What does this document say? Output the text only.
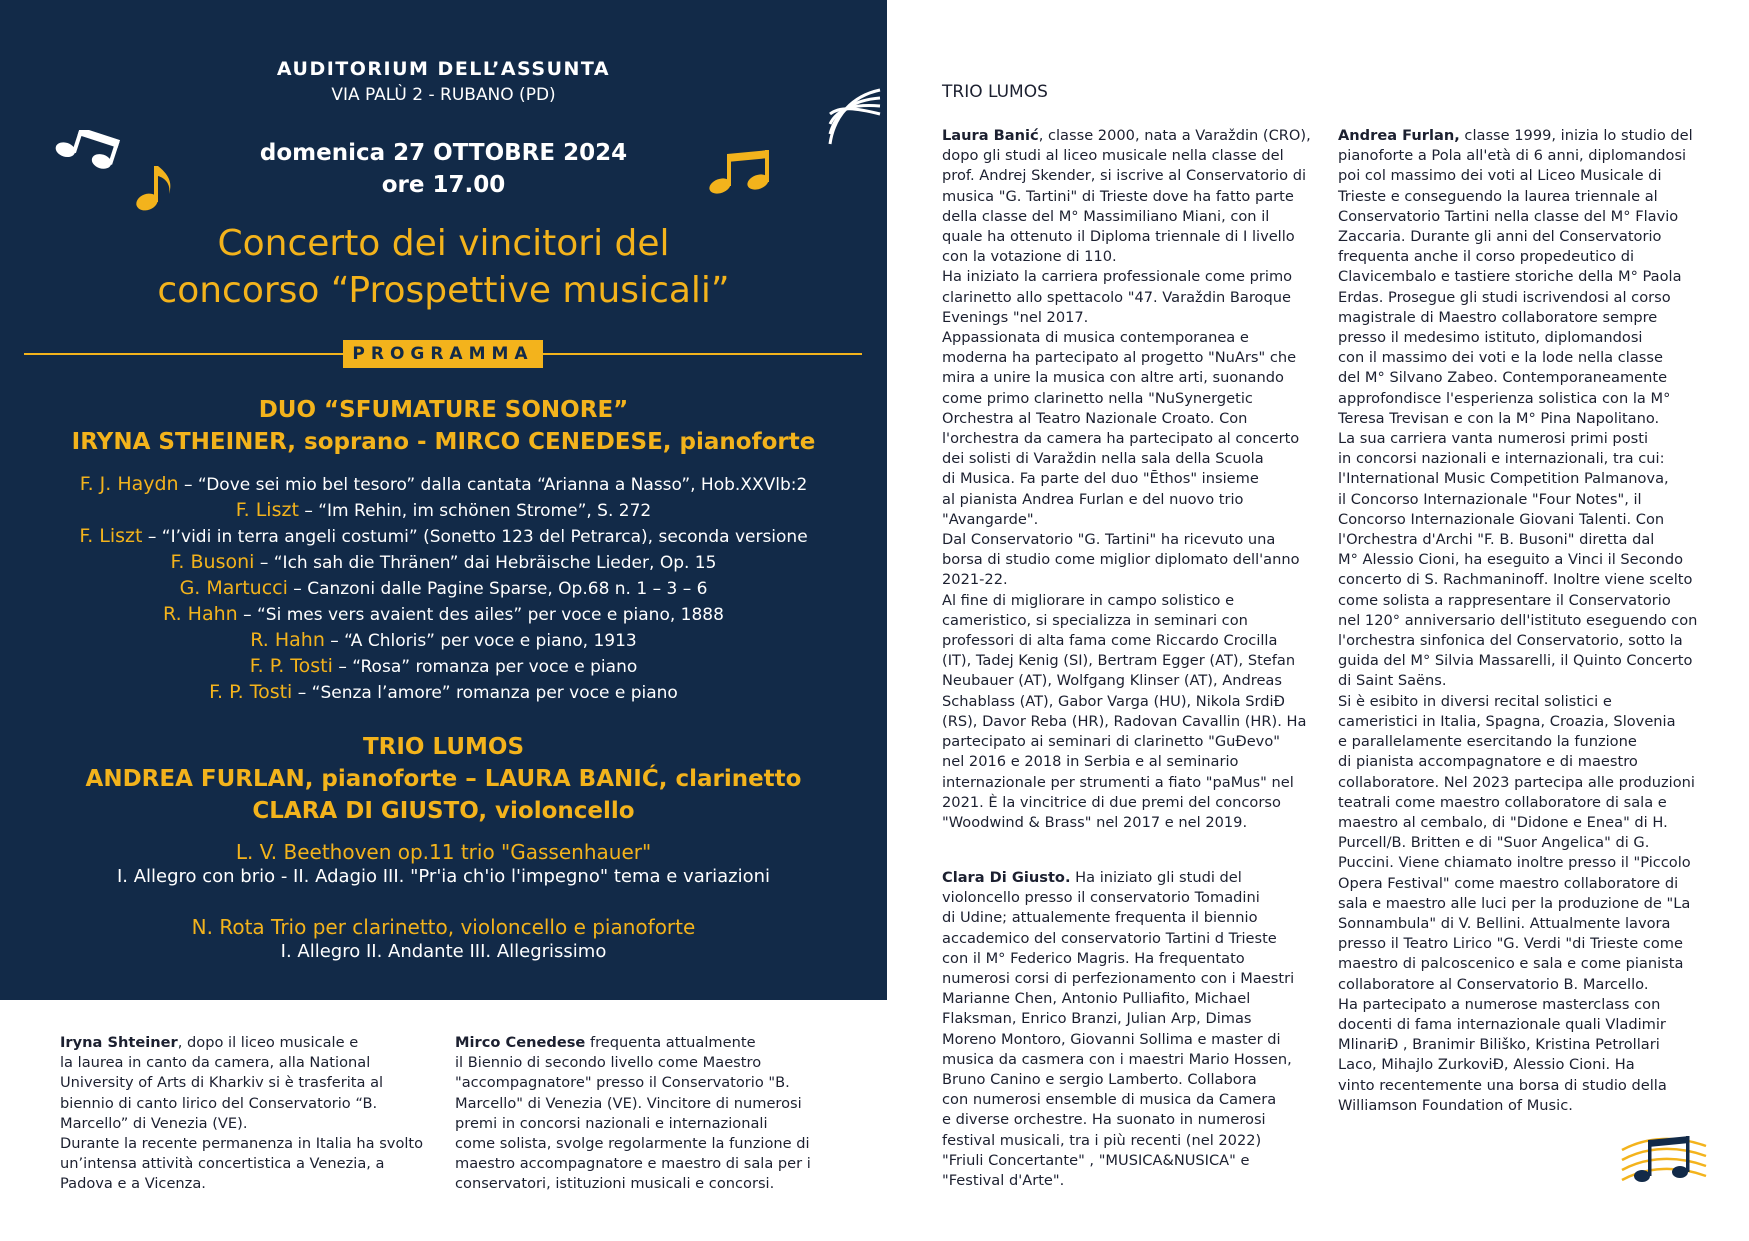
AUDITORIUM DELL’ASSUNTA
VIA PALÙ 2 - RUBANO (PD)
domenica 27 OTTOBRE 2024
ore 17.00
Concerto dei vincitori del
concorso “Prospettive musicali”
PROGRAMMA
DUO “SFUMATURE SONORE”
IRYNA STHEINER, soprano - MIRCO CENEDESE, pianoforte
F. J. Haydn – “Dove sei mio bel tesoro” dalla cantata “Arianna a Nasso”, Hob.XXVlb:2
F. Liszt – “Im Rehin, im schönen Strome”, S. 272
F. Liszt – “I’vidi in terra angeli costumi” (Sonetto 123 del Petrarca), seconda versione
F. Busoni – “Ich sah die Thränen” dai Hebräische Lieder, Op. 15
G. Martucci – Canzoni dalle Pagine Sparse, Op.68 n. 1 – 3 – 6
R. Hahn – “Si mes vers avaient des ailes” per voce e piano, 1888
R. Hahn – “A Chloris” per voce e piano, 1913
F. P. Tosti – “Rosa” romanza per voce e piano
F. P. Tosti – “Senza l’amore” romanza per voce e piano
TRIO LUMOS
ANDREA FURLAN, pianoforte – LAURA BANIĆ, clarinetto
CLARA DI GIUSTO, violoncello
L. V. Beethoven op.11 trio "Gassenhauer"
I. Allegro con brio - II. Adagio III. "Pr'ia ch'io l'impegno" tema e variazioni
N. Rota Trio per clarinetto, violoncello e pianoforte
I. Allegro II. Andante III. Allegrissimo
Iryna Shteiner, dopo il liceo musicale e
la laurea in canto da camera, alla National
University of Arts di Kharkiv si è trasferita al
biennio di canto lirico del Conservatorio “B.
Marcello” di Venezia (VE).
Durante la recente permanenza in Italia ha svolto
un’intensa attività concertistica a Venezia, a
Padova e a Vicenza.
Mirco Cenedese frequenta attualmente
il Biennio di secondo livello come Maestro
"accompagnatore" presso il Conservatorio "B.
Marcello" di Venezia (VE). Vincitore di numerosi
premi in concorsi nazionali e internazionali
come solista, svolge regolarmente la funzione di
maestro accompagnatore e maestro di sala per i
conservatori, istituzioni musicali e concorsi.
TRIO LUMOS
Laura Banić, classe 2000, nata a Varaždin (CRO),
dopo gli studi al liceo musicale nella classe del
prof. Andrej Skender, si iscrive al Conservatorio di
musica "G. Tartini" di Trieste dove ha fatto parte
della classe del M° Massimiliano Miani, con il
quale ha ottenuto il Diploma triennale di I livello
con la votazione di 110.
Ha iniziato la carriera professionale come primo
clarinetto allo spettacolo "47. Varaždin Baroque
Evenings "nel 2017.
Appassionata di musica contemporanea e
moderna ha partecipato al progetto "NuArs" che
mira a unire la musica con altre arti, suonando
come primo clarinetto nella "NuSynergetic
Orchestra al Teatro Nazionale Croato. Con
l'orchestra da camera ha partecipato al concerto
dei solisti di Varaždin nella sala della Scuola
di Musica. Fa parte del duo "Ēthos" insieme
al pianista Andrea Furlan e del nuovo trio
"Avangarde".
Dal Conservatorio "G. Tartini" ha ricevuto una
borsa di studio come miglior diplomato dell'anno
2021-22.
Al fine di migliorare in campo solistico e
cameristico, si specializza in seminari con
professori di alta fama come Riccardo Crocilla
(IT), Tadej Kenig (SI), Bertram Egger (AT), Stefan
Neubauer (AT), Wolfgang Klinser (AT), Andreas
Schablass (AT), Gabor Varga (HU), Nikola SrdiĐ
(RS), Davor Reba (HR), Radovan Cavallin (HR). Ha
partecipato ai seminari di clarinetto "GuĐevo"
nel 2016 e 2018 in Serbia e al seminario
internazionale per strumenti a fiato "paMus" nel
2021. È la vincitrice di due premi del concorso
"Woodwind & Brass" nel 2017 e nel 2019.
Clara Di Giusto. Ha iniziato gli studi del
violoncello presso il conservatorio Tomadini
di Udine; attualemente frequenta il biennio
accademico del conservatorio Tartini d Trieste
con il M° Federico Magris. Ha frequentato
numerosi corsi di perfezionamento con i Maestri
Marianne Chen, Antonio Pulliafito, Michael
Flaksman, Enrico Branzi, Julian Arp, Dimas
Moreno Montoro, Giovanni Sollima e master di
musica da casmera con i maestri Mario Hossen,
Bruno Canino e sergio Lamberto. Collabora
con numerosi ensemble di musica da Camera
e diverse orchestre. Ha suonato in numerosi
festival musicali, tra i più recenti (nel 2022)
"Friuli Concertante" , "MUSICA&NUSICA" e
"Festival d'Arte".
Andrea Furlan, classe 1999, inizia lo studio del
pianoforte a Pola all'età di 6 anni, diplomandosi
poi col massimo dei voti al Liceo Musicale di
Trieste e conseguendo la laurea triennale al
Conservatorio Tartini nella classe del M° Flavio
Zaccaria. Durante gli anni del Conservatorio
frequenta anche il corso propedeutico di
Clavicembalo e tastiere storiche della M° Paola
Erdas. Prosegue gli studi iscrivendosi al corso
magistrale di Maestro collaboratore sempre
presso il medesimo istituto, diplomandosi
con il massimo dei voti e la lode nella classe
del M° Silvano Zabeo. Contemporaneamente
approfondisce l'esperienza solistica con la M°
Teresa Trevisan e con la M° Pina Napolitano.
La sua carriera vanta numerosi primi posti
in concorsi nazionali e internazionali, tra cui:
l'International Music Competition Palmanova,
il Concorso Internazionale "Four Notes", il
Concorso Internazionale Giovani Talenti. Con
l'Orchestra d'Archi "F. B. Busoni" diretta dal
M° Alessio Cioni, ha eseguito a Vinci il Secondo
concerto di S. Rachmaninoff. Inoltre viene scelto
come solista a rappresentare il Conservatorio
nel 120° anniversario dell'istituto eseguendo con
l'orchestra sinfonica del Conservatorio, sotto la
guida del M° Silvia Massarelli, il Quinto Concerto
di Saint Saëns.
Si è esibito in diversi recital solistici e
cameristici in Italia, Spagna, Croazia, Slovenia
e parallelamente esercitando la funzione
di pianista accompagnatore e di maestro
collaboratore. Nel 2023 partecipa alle produzioni
teatrali come maestro collaboratore di sala e
maestro al cembalo, di "Didone e Enea" di H.
Purcell/B. Britten e di "Suor Angelica" di G.
Puccini. Viene chiamato inoltre presso il "Piccolo
Opera Festival" come maestro collaboratore di
sala e maestro alle luci per la produzione de "La
Sonnambula" di V. Bellini. Attualmente lavora
presso il Teatro Lirico "G. Verdi "di Trieste come
maestro di palcoscenico e sala e come pianista
collaboratore al Conservatorio B. Marcello.
Ha partecipato a numerose masterclass con
docenti di fama internazionale quali Vladimir
MlinariĐ , Branimir Biliško, Kristina Petrollari
Laco, Mihajlo ZurkoviĐ, Alessio Cioni. Ha
vinto recentemente una borsa di studio della
Williamson Foundation of Music.
